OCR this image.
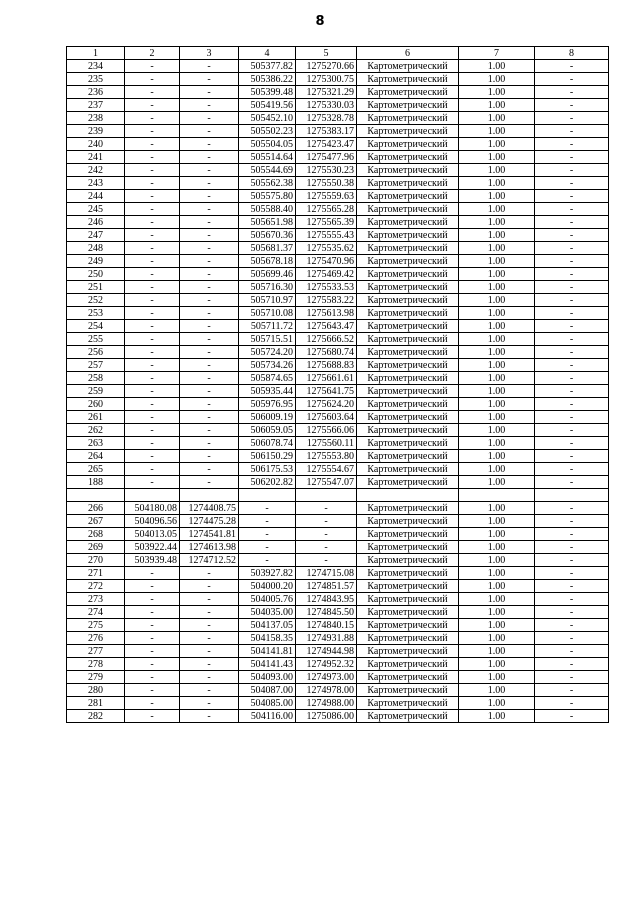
8
1	2	3	4	5	6	7	8
234	-	-	505377.82	1275270.66	Картометрический	1.00	-
235	-	-	505386.22	1275300.75	Картометрический	1.00	-
236	-	-	505399.48	1275321.29	Картометрический	1.00	-
237	-	-	505419.56	1275330.03	Картометрический	1.00	-
238	-	-	505452.10	1275328.78	Картометрический	1.00	-
239	-	-	505502.23	1275383.17	Картометрический	1.00	-
240	-	-	505504.05	1275423.47	Картометрический	1.00	-
241	-	-	505514.64	1275477.96	Картометрический	1.00	-
242	-	-	505544.69	1275530.23	Картометрический	1.00	-
243	-	-	505562.38	1275550.38	Картометрический	1.00	-
244	-	-	505575.80	1275559.63	Картометрический	1.00	-
245	-	-	505588.40	1275565.28	Картометрический	1.00	-
246	-	-	505651.98	1275565.39	Картометрический	1.00	-
247	-	-	505670.36	1275555.43	Картометрический	1.00	-
248	-	-	505681.37	1275535.62	Картометрический	1.00	-
249	-	-	505678.18	1275470.96	Картометрический	1.00	-
250	-	-	505699.46	1275469.42	Картометрический	1.00	-
251	-	-	505716.30	1275533.53	Картометрический	1.00	-
252	-	-	505710.97	1275583.22	Картометрический	1.00	-
253	-	-	505710.08	1275613.98	Картометрический	1.00	-
254	-	-	505711.72	1275643.47	Картометрический	1.00	-
255	-	-	505715.51	1275666.52	Картометрический	1.00	-
256	-	-	505724.20	1275680.74	Картометрический	1.00	-
257	-	-	505734.26	1275688.83	Картометрический	1.00	-
258	-	-	505874.65	1275661.61	Картометрический	1.00	-
259	-	-	505935.44	1275641.75	Картометрический	1.00	-
260	-	-	505976.95	1275624.20	Картометрический	1.00	-
261	-	-	506009.19	1275603.64	Картометрический	1.00	-
262	-	-	506059.05	1275566.06	Картометрический	1.00	-
263	-	-	506078.74	1275560.11	Картометрический	1.00	-
264	-	-	506150.29	1275553.80	Картометрический	1.00	-
265	-	-	506175.53	1275554.67	Картометрический	1.00	-
188	-	-	506202.82	1275547.07	Картометрический	1.00	-

266	504180.08	1274408.75	-	-	Картометрический	1.00	-
267	504096.56	1274475.28	-	-	Картометрический	1.00	-
268	504013.05	1274541.81	-	-	Картометрический	1.00	-
269	503922.44	1274613.98	-	-	Картометрический	1.00	-
270	503939.48	1274712.52	-	-	Картометрический	1.00	-
271	-	-	503927.82	1274715.08	Картометрический	1.00	-
272	-	-	504000.20	1274851.57	Картометрический	1.00	-
273	-	-	504005.76	1274843.95	Картометрический	1.00	-
274	-	-	504035.00	1274845.50	Картометрический	1.00	-
275	-	-	504137.05	1274840.15	Картометрический	1.00	-
276	-	-	504158.35	1274931.88	Картометрический	1.00	-
277	-	-	504141.81	1274944.98	Картометрический	1.00	-
278	-	-	504141.43	1274952.32	Картометрический	1.00	-
279	-	-	504093.00	1274973.00	Картометрический	1.00	-
280	-	-	504087.00	1274978.00	Картометрический	1.00	-
281	-	-	504085.00	1274988.00	Картометрический	1.00	-
282	-	-	504116.00	1275086.00	Картометрический	1.00	-
